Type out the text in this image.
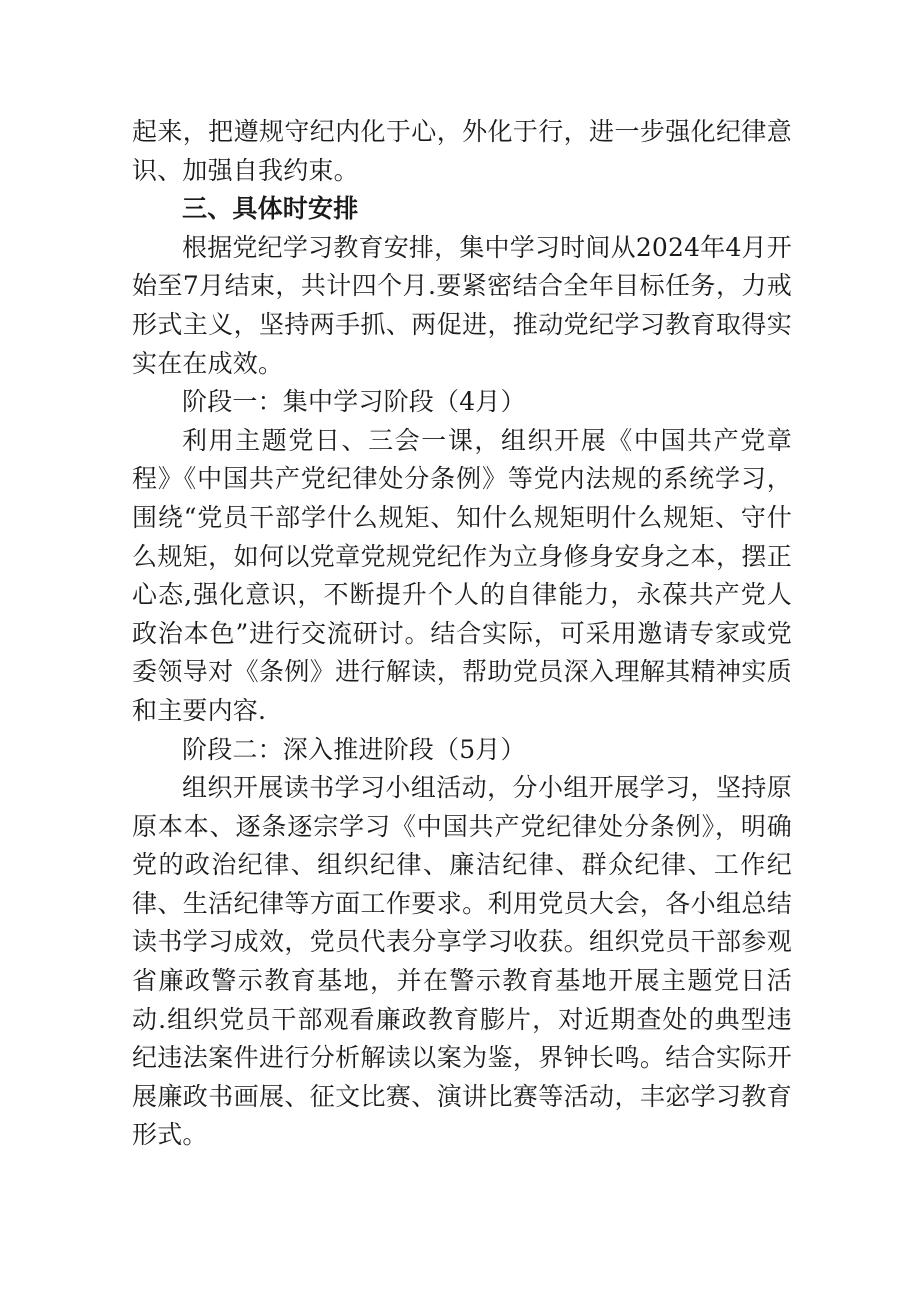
起来，把遵规守纪内化于心，外化于行，进一步强化纪律意识、加强自我约束。

三、具体时安排

根据党纪学习教育安排，集中学习时间从2024年4月开始至7月结束，共计四个月.要紧密结合全年目标任务，力戒形式主义，坚持两手抓、两促进，推动党纪学习教育取得实实在在成效。

阶段一：集中学习阶段（4月）

利用主题党日、三会一课，组织开展《中国共产党章程》《中国共产党纪律处分条例》等党内法规的系统学习，围绕“党员干部学什么规矩、知什么规矩明什么规矩、守什么规矩，如何以党章党规党纪作为立身修身安身之本，摆正心态,强化意识，不断提升个人的自律能力，永葆共产党人政治本色”进行交流研讨。结合实际，可采用邀请专家或党委领导对《条例》进行解读，帮助党员深入理解其精神实质和主要内容.

阶段二：深入推进阶段（5月）

组织开展读书学习小组活动，分小组开展学习，坚持原原本本、逐条逐宗学习《中国共产党纪律处分条例》，明确党的政治纪律、组织纪律、廉洁纪律、群众纪律、工作纪律、生活纪律等方面工作要求。利用党员大会，各小组总结读书学习成效，党员代表分享学习收获。组织党员干部参观省廉政警示教育基地，并在警示教育基地开展主题党日活动.组织党员干部观看廉政教育膨片，对近期查处的典型违纪违法案件进行分析解读以案为鉴，界钟长鸣。结合实际开展廉政书画展、征文比赛、演讲比赛等活动，丰宓学习教育形式。
